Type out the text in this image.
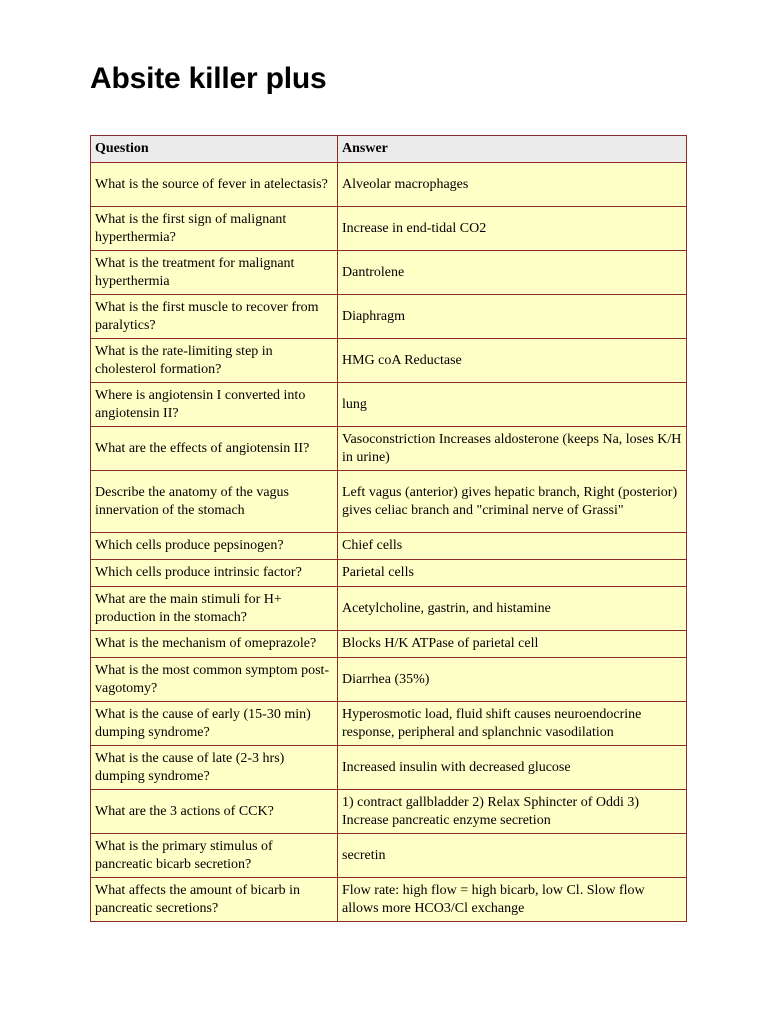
Absite killer plus
Question	Answer
What is the source of fever in atelectasis?	Alveolar macrophages
What is the first sign of malignant hyperthermia?	Increase in end-tidal CO2
What is the treatment for malignant hyperthermia	Dantrolene
What is the first muscle to recover from paralytics?	Diaphragm
What is the rate-limiting step in cholesterol formation?	HMG coA Reductase
Where is angiotensin I converted into angiotensin II?	lung
What are the effects of angiotensin II?	Vasoconstriction Increases aldosterone (keeps Na, loses K/H in urine)
Describe the anatomy of the vagus innervation of the stomach	Left vagus (anterior) gives hepatic branch, Right (posterior) gives celiac branch and "criminal nerve of Grassi"
Which cells produce pepsinogen?	Chief cells
Which cells produce intrinsic factor?	Parietal cells
What are the main stimuli for H+ production in the stomach?	Acetylcholine, gastrin, and histamine
What is the mechanism of omeprazole?	Blocks H/K ATPase of parietal cell
What is the most common symptom post-vagotomy?	Diarrhea (35%)
What is the cause of early (15-30 min) dumping syndrome?	Hyperosmotic load, fluid shift causes neuroendocrine response, peripheral and splanchnic vasodilation
What is the cause of late (2-3 hrs) dumping syndrome?	Increased insulin with decreased glucose
What are the 3 actions of CCK?	1) contract gallbladder 2) Relax Sphincter of Oddi 3) Increase pancreatic enzyme secretion
What is the primary stimulus of pancreatic bicarb secretion?	secretin
What affects the amount of bicarb in pancreatic secretions?	Flow rate: high flow = high bicarb, low Cl. Slow flow allows more HCO3/Cl exchange
